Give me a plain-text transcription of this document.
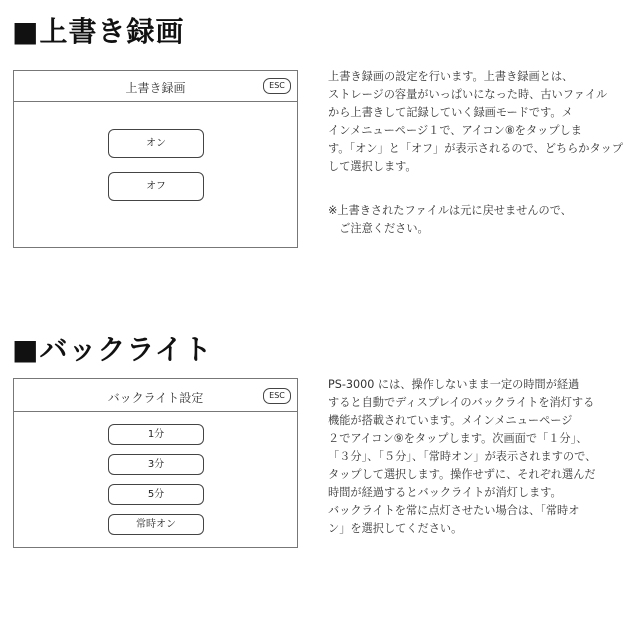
■上書き録画
上書き録画	ESC
オン
オフ
上書き録画の設定を行います。上書き録画とは、
ストレージの容量がいっぱいになった時、古いファイル
から上書きして記録していく録画モードです。メ
インメニューページ１で、アイコン⑧をタップしま
す。「オン」と「オフ」が表示されるので、どちらかタップ
して選択します。
※上書きされたファイルは元に戻せませんので、
　ご注意ください。
■バックライト
バックライト設定	ESC
1分
3分
5分
常時オン
PS-3000 には、操作しないまま一定の時間が経過
すると自動でディスプレイのバックライトを消灯する
機能が搭載されています。メインメニューページ
２でアイコン⑨をタップします。次画面で「１分」、
「３分」、「５分」、「常時オン」が表示されますので、
タップして選択します。操作せずに、それぞれ選んだ
時間が経過するとバックライトが消灯します。
バックライトを常に点灯させたい場合は、「常時オ
ン」を選択してください。
